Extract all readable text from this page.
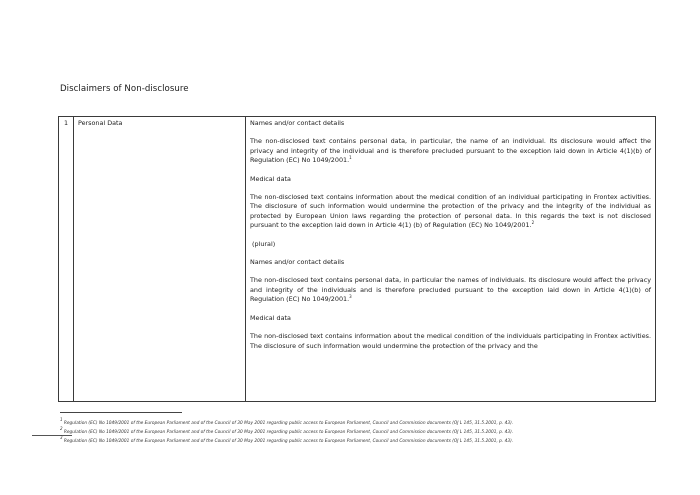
Disclaimers of Non-disclosure
1	Personal Data	Names and/or contact details

The non-disclosed text contains personal data, in particular, the name of an individual. Its disclosure would affect the privacy and integrity of the individual and is therefore precluded pursuant to the exception laid down in Article 4(1)(b) of Regulation (EC) No 1049/2001.$^1$

Medical data

The non-disclosed text contains information about the medical condition of an individual participating in Frontex activities. The disclosure of such information would undermine the protection of the privacy and the integrity of the individual as protected by European Union laws regarding the protection of personal data. In this regards the text is not disclosed pursuant to the exception laid down in Article 4(1) (b) of Regulation (EC) No 1049/2001.$^2$

(plural)

Names and/or contact details

The non-disclosed text contains personal data, in particular the names of individuals. Its disclosure would affect the privacy and integrity of the individuals and is therefore precluded pursuant to the exception laid down in Article 4(1)(b) of Regulation (EC) No 1049/2001.$^3$

Medical data

The non-disclosed text contains information about the medical condition of the individuals participating in Frontex activities. The disclosure of such information would undermine the protection of the privacy and the

$^1$ Regulation (EC) No 1049/2001 of the European Parliament and of the Council of 30 May 2001 regarding public access to European Parliament, Council and Commission documents (OJ L 145, 31.5.2001, p. 43).
$^2$ Regulation (EC) No 1049/2001 of the European Parliament and of the Council of 30 May 2001 regarding public access to European Parliament, Council and Commission documents (OJ L 145, 31.5.2001, p. 43).
$^3$ Regulation (EC) No 1049/2001 of the European Parliament and of the Council of 30 May 2001 regarding public access to European Parliament, Council and Commission documents (OJ L 145, 31.5.2001, p. 43).
